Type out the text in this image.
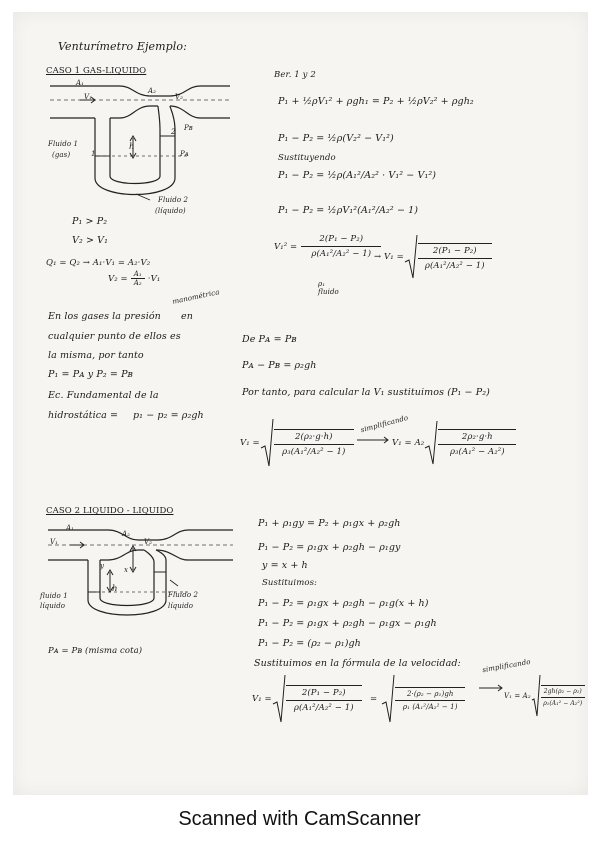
Venturímetro Ejemplo:
CASO 1 GAS-LIQUIDO
A₁
A₂
V₁	V₂
Pʙ
Pᴀ
h
1
2
Fluido 1
(gas)
Fluido 2
(líquido)
P₁ > P₂
V₂ > V₁
Q₁ = Q₂ → A₁·V₁ = A₂·V₂
V₂ = A₁
A₂ ·V₁
manométrica
En los gases la presión en
cualquier punto de ellos es
la misma, por tanto
P₁ = Pᴀ y P₂ = Pʙ
Ec. Fundamental de la
hidrostática = p₁ − p₂ = ρ₂gh
Ber. 1 y 2
P₁ + ½ρV₁² + ρgh₁ = P₂ + ½ρV₂² + ρgh₂
P₁ − P₂ = ½ρ(V₂² − V₁²)
Sustituyendo
P₁ − P₂ = ½ρ(A₁²/A₂² · V₁² − V₁²)
P₁ − P₂ = ½ρV₁²(A₁²/A₂² − 1)
V₁² =
2(P₁ − P₂)
ρ(A₁²/A₂² − 1)
ρ₁
fluido
→ V₁ =
2(P₁ − P₂)
ρ(A₁²/A₂² − 1)
De Pᴀ = Pʙ
Pᴀ − Pʙ = ρ₂gh
Por tanto, para calcular la V₁ sustituimos (P₁ − P₂)
V₁ =
2(ρ₂·g·h)
ρ₃(A₁²/A₂² − 1)
simplificando
V₁ = A₂
2ρ₂·g·h
ρ₃(A₁² − A₂²)
CASO 2 LIQUIDO - LIQUIDO
A₁
A₂
V₁	V₂
h
y	x
fluido 1
líquido
Fluido 2
líquido
Pᴀ = Pʙ (misma cota)
P₁ + ρ₁gy = P₂ + ρ₁gx + ρ₂gh
P₁ − P₂ = ρ₁gx + ρ₂gh − ρ₁gy
y = x + h
Sustituimos:
P₁ − P₂ = ρ₁gx + ρ₂gh − ρ₁g(x + h)
P₁ − P₂ = ρ₁gx + ρ₂gh − ρ₁gx − ρ₁gh
P₁ − P₂ = (ρ₂ − ρ₁)gh
Sustituimos en la fórmula de la velocidad:
V₁ =
2(P₁ − P₂)
ρ(A₁²/A₂² − 1)
=	2·(ρ₂ − ρ₁)gh
ρ₁ (A₁²/A₂² − 1)
simplificando
V₁ = A₂
2gh(ρ₂ − ρ₁)
ρ₁(A₁² − A₂²)
Scanned with CamScanner
